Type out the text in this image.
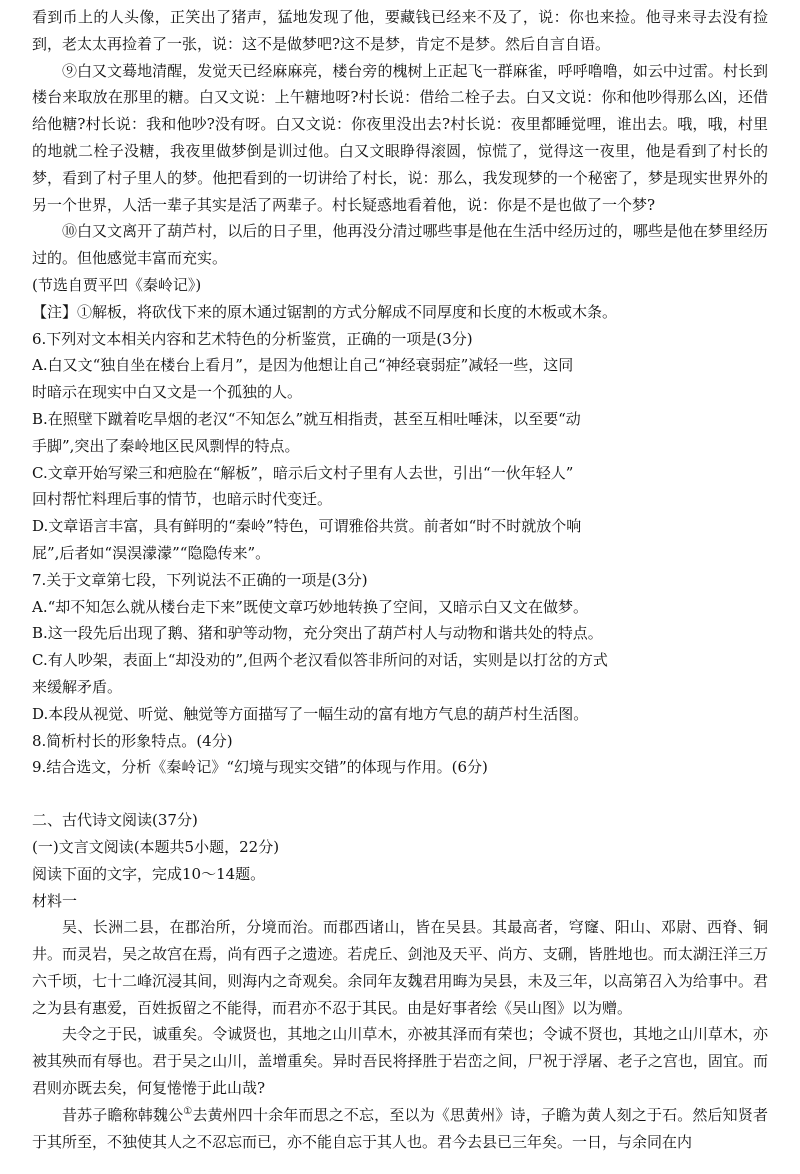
看到币上的人头像，正笑出了猪声，猛地发现了他，要藏钱已经来不及了，说：你也来捡。他寻来寻去没有捡到，老太太再捡着了一张，说：这不是做梦吧?这不是梦，肯定不是梦。然后自言自语。

⑨白又文蓦地清醒，发觉天已经麻麻亮，楼台旁的槐树上正起飞一群麻雀，呼呼噜噜，如云中过雷。村长到楼台来取放在那里的糖。白又文说：上午糖地呀?村长说：借给二栓子去。白又文说：你和他吵得那么凶，还借给他糖?村长说：我和他吵?没有呀。白又文说：你夜里没出去?村长说：夜里都睡觉哩，谁出去。哦，哦，村里的地就二栓子没糖，我夜里做梦倒是训过他。白又文眼睁得滚圆，惊慌了，觉得这一夜里，他是看到了村长的梦，看到了村子里人的梦。他把看到的一切讲给了村长，说：那么，我发现梦的一个秘密了，梦是现实世界外的另一个世界，人活一辈子其实是活了两辈子。村长疑惑地看着他，说：你是不是也做了一个梦?

⑩白又文离开了葫芦村，以后的日子里，他再没分清过哪些事是他在生活中经历过的，哪些是他在梦里经历过的。但他感觉丰富而充实。

(节选自贾平凹《秦岭记》)

【注】①解板，将砍伐下来的原木通过锯割的方式分解成不同厚度和长度的木板或木条。

6.下列对文本相关内容和艺术特色的分析鉴赏，正确的一项是(3分)

A.白又文“独自坐在楼台上看月”，是因为他想让自己“神经衰弱症”减轻一些，这同

时暗示在现实中白又文是一个孤独的人。

B.在照壁下蹴着吃旱烟的老汉“不知怎么”就互相指责，甚至互相吐唾沫，以至要“动

手脚”,突出了秦岭地区民风剽悍的特点。

C.文章开始写梁三和疤脸在“解板”，暗示后文村子里有人去世，引出“一伙年轻人”

回村帮忙料理后事的情节，也暗示时代变迁。

D.文章语言丰富，具有鲜明的“秦岭”特色，可谓雅俗共赏。前者如“时不时就放个响

屁”,后者如“淏淏濛濛”“隐隐传来”。

7.关于文章第七段，下列说法不正确的一项是(3分)

A.“却不知怎么就从楼台走下来”既使文章巧妙地转换了空间，又暗示白又文在做梦。

B.这一段先后出现了鹅、猪和驴等动物，充分突出了葫芦村人与动物和谐共处的特点。

C.有人吵架，表面上“却没劝的”,但两个老汉看似答非所问的对话，实则是以打岔的方式

来缓解矛盾。

D.本段从视觉、听觉、触觉等方面描写了一幅生动的富有地方气息的葫芦村生活图。

8.简析村长的形象特点。(4分)

9.结合选文，分析《秦岭记》“幻境与现实交错”的体现与作用。(6分)

二、古代诗文阅读(37分)

(一)文言文阅读(本题共5小题，22分)

阅读下面的文字，完成10～14题。

材料一

吴、长洲二县，在郡治所，分境而治。而郡西诸山，皆在吴县。其最高者，穹窿、阳山、邓尉、西脊、铜井。而灵岩，吴之故宫在焉，尚有西子之遗迹。若虎丘、剑池及天平、尚方、支硎，皆胜地也。而太湖汪洋三万六千顷，七十二峰沉浸其间，则海内之奇观矣。余同年友魏君用晦为吴县，未及三年，以高第召入为给事中。君之为县有惠爱，百姓扳留之不能得，而君亦不忍于其民。由是好事者绘《吴山图》以为赠。

夫令之于民，诚重矣。令诚贤也，其地之山川草木，亦被其泽而有荣也；令诚不贤也，其地之山川草木，亦被其殃而有辱也。君于吴之山川，盖增重矣。异时吾民将择胜于岩峦之间，尸祝于浮屠、老子之宫也，固宜。而君则亦既去矣，何复惓惓于此山哉?

昔苏子瞻称韩魏公①去黄州四十余年而思之不忘，至以为《思黄州》诗，子瞻为黄人刻之于石。然后知贤者于其所至，不独使其人之不忍忘而已，亦不能自忘于其人也。君今去县已三年矣。一日，与余同在内
